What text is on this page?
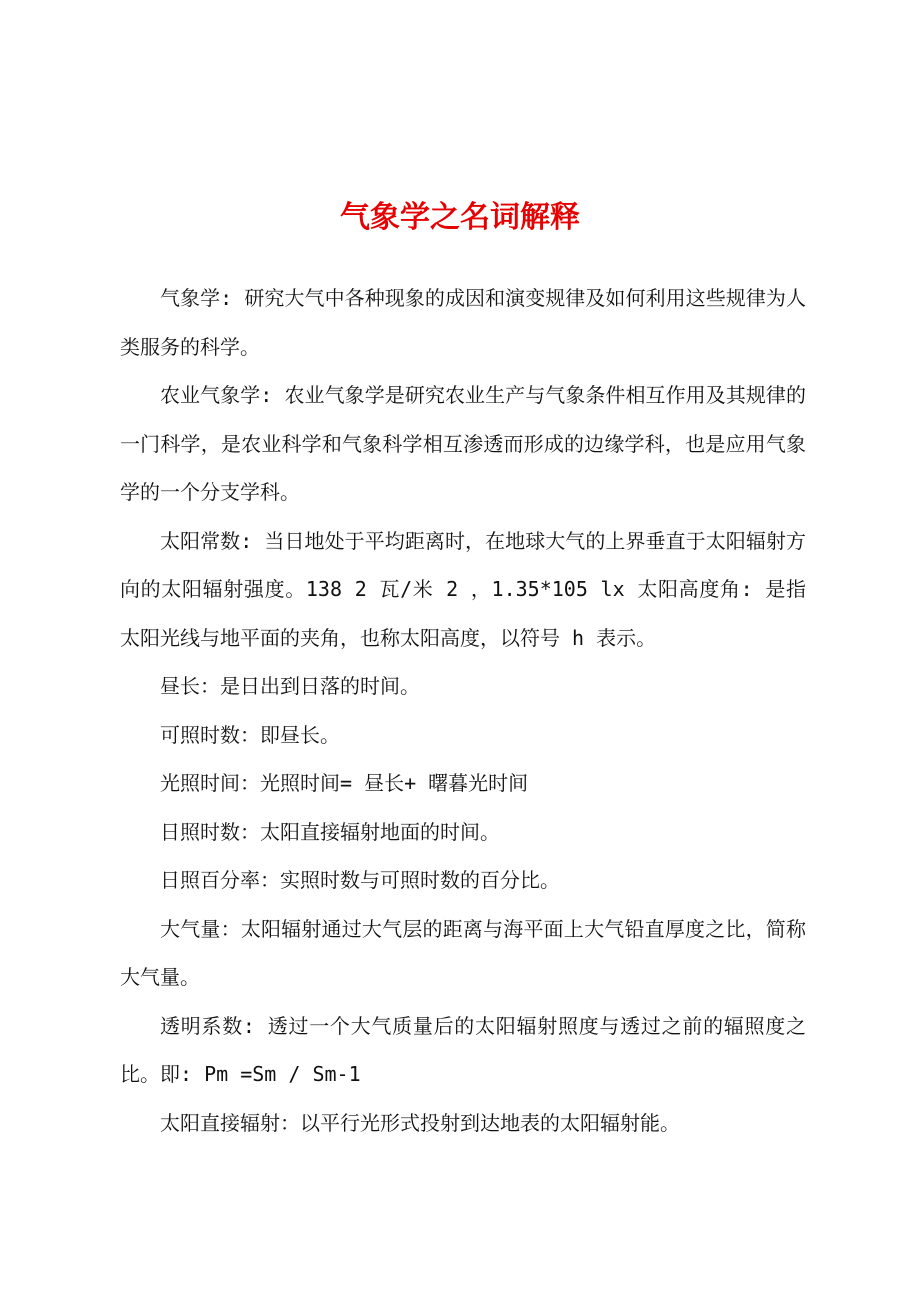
气象学之名词解释

气象学: 研究大气中各种现象的成因和演变规律及如何利用这些规律为人类服务的科学。

农业气象学: 农业气象学是研究农业生产与气象条件相互作用及其规律的一门科学，是农业科学和气象科学相互渗透而形成的边缘学科，也是应用气象学的一个分支学科。

太阳常数: 当日地处于平均距离时，在地球大气的上界垂直于太阳辐射方向的太阳辐射强度。138 2 瓦/米 2 ，1.35*105 lx 太阳高度角: 是指太阳光线与地平面的夹角，也称太阳高度，以符号 h 表示。

昼长：是日出到日落的时间。

可照时数：即昼长。

光照时间：光照时间= 昼长+ 曙暮光时间

日照时数：太阳直接辐射地面的时间。

日照百分率：实照时数与可照时数的百分比。

大气量：太阳辐射通过大气层的距离与海平面上大气铅直厚度之比，简称大气量。

透明系数: 透过一个大气质量后的太阳辐射照度与透过之前的辐照度之比。即: Pm =Sm / Sm-1

太阳直接辐射：以平行光形式投射到达地表的太阳辐射能。
